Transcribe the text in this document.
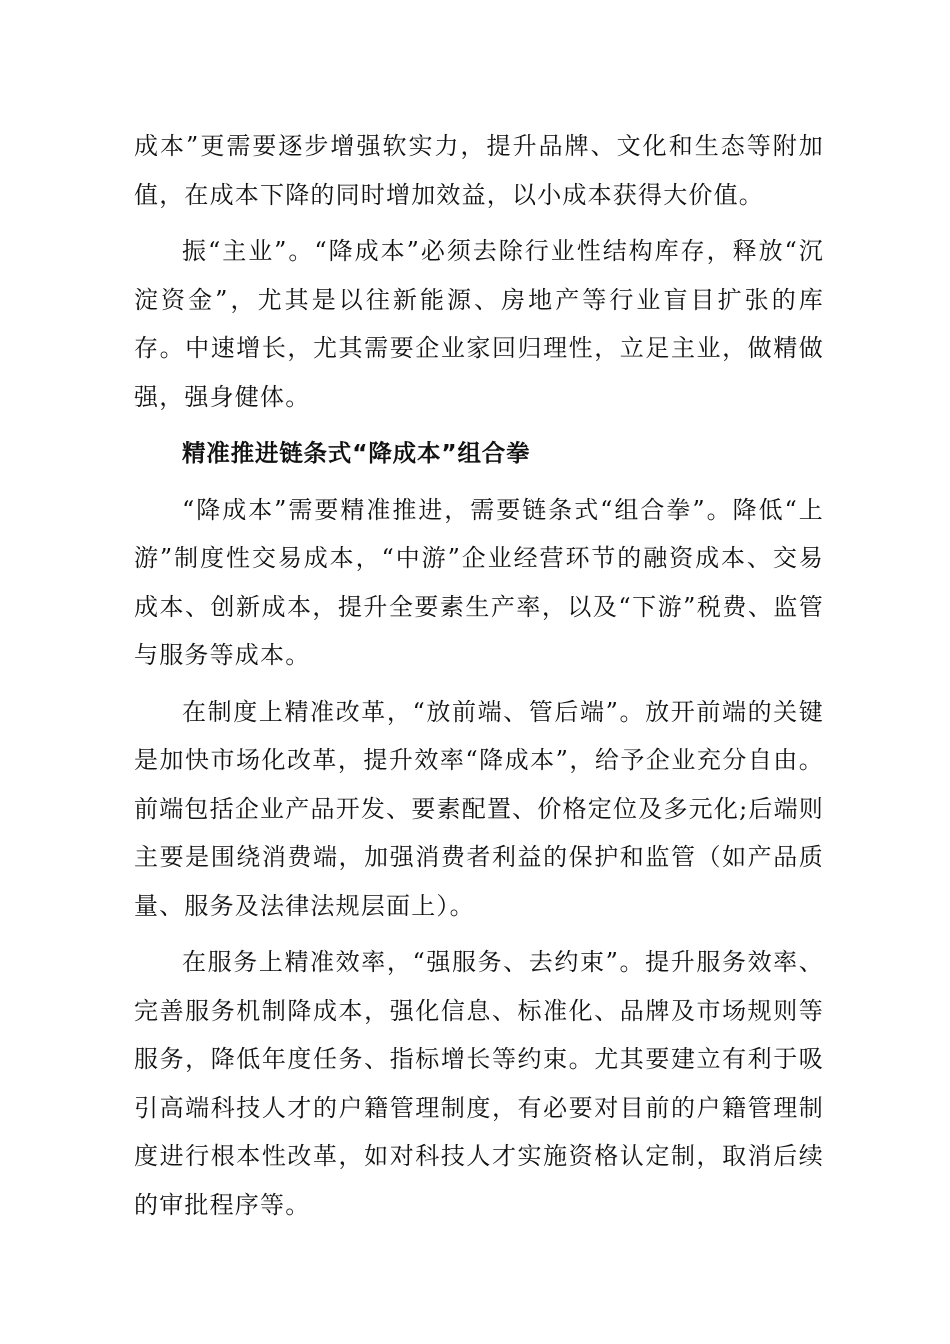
成本”更需要逐步增强软实力，提升品牌、文化和生态等附加值，在成本下降的同时增加效益，以小成本获得大价值。

振“主业”。“降成本”必须去除行业性结构库存，释放“沉淀资金”，尤其是以往新能源、房地产等行业盲目扩张的库存。中速增长，尤其需要企业家回归理性，立足主业，做精做强，强身健体。

精准推进链条式“降成本”组合拳

“降成本”需要精准推进，需要链条式“组合拳”。降低“上游”制度性交易成本，“中游”企业经营环节的融资成本、交易成本、创新成本，提升全要素生产率，以及“下游”税费、监管与服务等成本。

在制度上精准改革，“放前端、管后端”。放开前端的关键是加快市场化改革，提升效率“降成本”，给予企业充分自由。前端包括企业产品开发、要素配置、价格定位及多元化;后端则主要是围绕消费端，加强消费者利益的保护和监管（如产品质量、服务及法律法规层面上）。

在服务上精准效率，“强服务、去约束”。提升服务效率、完善服务机制降成本，强化信息、标准化、品牌及市场规则等服务，降低年度任务、指标增长等约束。尤其要建立有利于吸引高端科技人才的户籍管理制度，有必要对目前的户籍管理制度进行根本性改革，如对科技人才实施资格认定制，取消后续的审批程序等。
